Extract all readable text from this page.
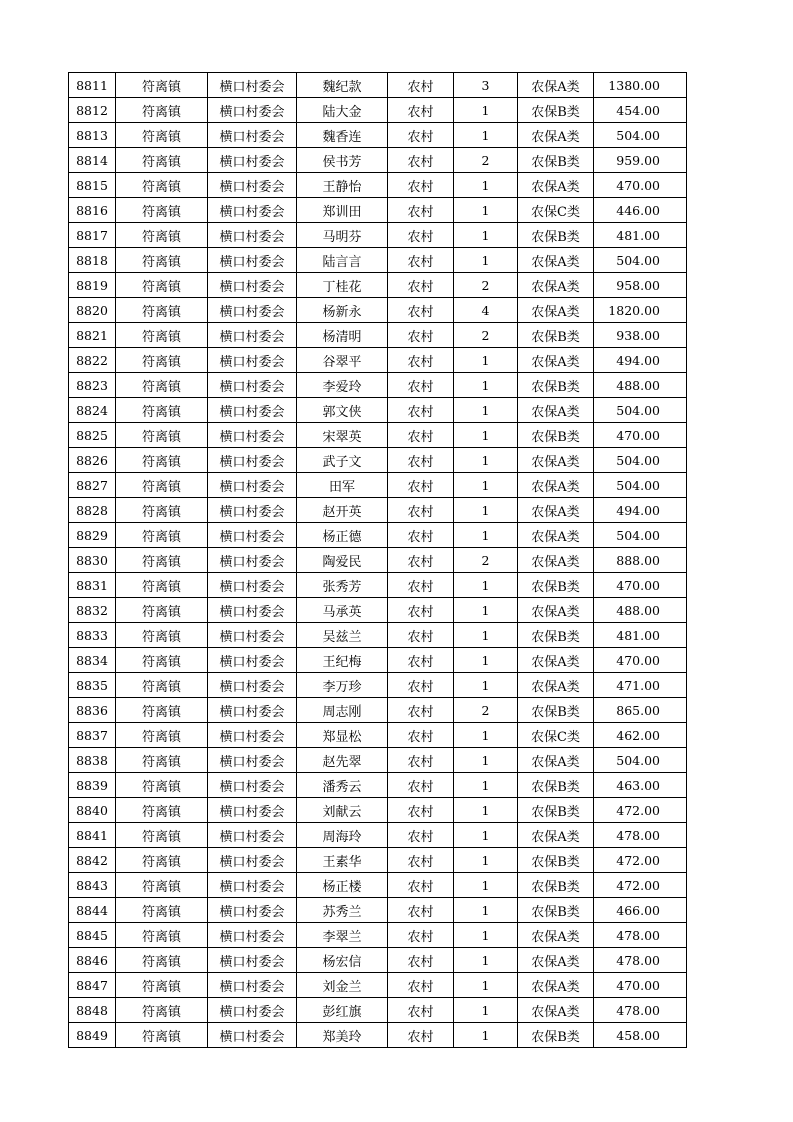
8811	符离镇	横口村委会	魏纪款	农村	3	农保A类	1380.00
8812	符离镇	横口村委会	陆大金	农村	1	农保B类	454.00
8813	符离镇	横口村委会	魏香连	农村	1	农保A类	504.00
8814	符离镇	横口村委会	侯书芳	农村	2	农保B类	959.00
8815	符离镇	横口村委会	王静怡	农村	1	农保A类	470.00
8816	符离镇	横口村委会	郑训田	农村	1	农保C类	446.00
8817	符离镇	横口村委会	马明芬	农村	1	农保B类	481.00
8818	符离镇	横口村委会	陆言言	农村	1	农保A类	504.00
8819	符离镇	横口村委会	丁桂花	农村	2	农保A类	958.00
8820	符离镇	横口村委会	杨新永	农村	4	农保A类	1820.00
8821	符离镇	横口村委会	杨清明	农村	2	农保B类	938.00
8822	符离镇	横口村委会	谷翠平	农村	1	农保A类	494.00
8823	符离镇	横口村委会	李爱玲	农村	1	农保B类	488.00
8824	符离镇	横口村委会	郭文侠	农村	1	农保A类	504.00
8825	符离镇	横口村委会	宋翠英	农村	1	农保B类	470.00
8826	符离镇	横口村委会	武子文	农村	1	农保A类	504.00
8827	符离镇	横口村委会	田军	农村	1	农保A类	504.00
8828	符离镇	横口村委会	赵开英	农村	1	农保A类	494.00
8829	符离镇	横口村委会	杨正德	农村	1	农保A类	504.00
8830	符离镇	横口村委会	陶爱民	农村	2	农保A类	888.00
8831	符离镇	横口村委会	张秀芳	农村	1	农保B类	470.00
8832	符离镇	横口村委会	马承英	农村	1	农保A类	488.00
8833	符离镇	横口村委会	吴兹兰	农村	1	农保B类	481.00
8834	符离镇	横口村委会	王纪梅	农村	1	农保A类	470.00
8835	符离镇	横口村委会	李万珍	农村	1	农保A类	471.00
8836	符离镇	横口村委会	周志刚	农村	2	农保B类	865.00
8837	符离镇	横口村委会	郑显松	农村	1	农保C类	462.00
8838	符离镇	横口村委会	赵先翠	农村	1	农保A类	504.00
8839	符离镇	横口村委会	潘秀云	农村	1	农保B类	463.00
8840	符离镇	横口村委会	刘献云	农村	1	农保B类	472.00
8841	符离镇	横口村委会	周海玲	农村	1	农保A类	478.00
8842	符离镇	横口村委会	王素华	农村	1	农保B类	472.00
8843	符离镇	横口村委会	杨正楼	农村	1	农保B类	472.00
8844	符离镇	横口村委会	苏秀兰	农村	1	农保B类	466.00
8845	符离镇	横口村委会	李翠兰	农村	1	农保A类	478.00
8846	符离镇	横口村委会	杨宏信	农村	1	农保A类	478.00
8847	符离镇	横口村委会	刘金兰	农村	1	农保A类	470.00
8848	符离镇	横口村委会	彭红旗	农村	1	农保A类	478.00
8849	符离镇	横口村委会	郑美玲	农村	1	农保B类	458.00
